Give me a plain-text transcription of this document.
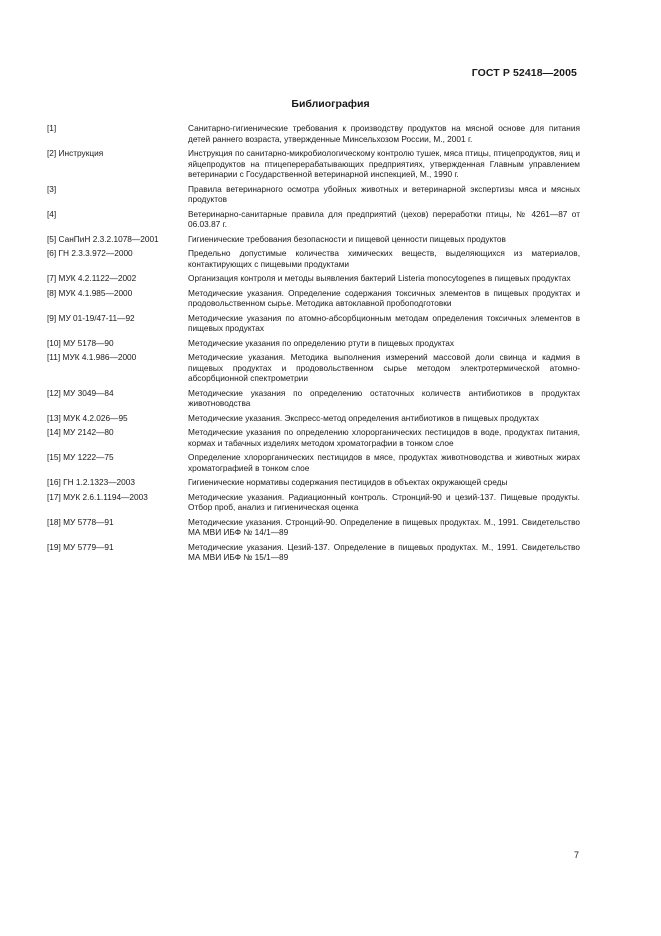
ГОСТ Р 52418—2005
Библиография
[1]	Санитарно-гигиенические требования к производству продуктов на мясной основе для питания детей раннего возраста, утвержденные Минсельхозом России, М., 2001 г.
[2] Инструкция	Инструкция по санитарно-микробиологическому контролю тушек, мяса птицы, птицепродуктов, яиц и яйцепродуктов на птицеперерабатывающих предприятиях, утвержденная Главным управлением ветеринарии с Государственной ветеринарной инспекцией, М., 1990 г.
[3]	Правила ветеринарного осмотра убойных животных и ветеринарной экспертизы мяса и мясных продуктов
[4]	Ветеринарно-санитарные правила для предприятий (цехов) переработки птицы, № 4261—87 от 06.03.87 г.
[5] СанПиН 2.3.2.1078—2001	Гигиенические требования безопасности и пищевой ценности пищевых продуктов
[6] ГН 2.3.3.972—2000	Предельно допустимые количества химических веществ, выделяющихся из материалов, контактирующих с пищевыми продуктами
[7] МУК 4.2.1122—2002	Организация контроля и методы выявления бактерий Listeria monocytogenes в пищевых продуктах
[8] МУК 4.1.985—2000	Методические указания. Определение содержания токсичных элементов в пищевых продуктах и продовольственном сырье. Методика автоклавной пробоподготовки
[9] МУ 01-19/47-11—92	Методические указания по атомно-абсорбционным методам определения токсичных элементов в пищевых продуктах
[10] МУ 5178—90	Методические указания по определению ртути в пищевых продуктах
[11] МУК 4.1.986—2000	Методические указания. Методика выполнения измерений массовой доли свинца и кадмия в пищевых продуктах и продовольственном сырье методом электротермической атомно-абсорбционной спектрометрии
[12] МУ 3049—84	Методические указания по определению остаточных количеств антибиотиков в продуктах животноводства
[13] МУК 4.2.026—95	Методические указания. Экспресс-метод определения антибиотиков в пищевых продуктах
[14] МУ 2142—80	Методические указания по определению хлорорганических пестицидов в воде, продуктах питания, кормах и табачных изделиях методом хроматографии в тонком слое
[15] МУ 1222—75	Определение хлорорганических пестицидов в мясе, продуктах животноводства и животных жирах хроматографией в тонком слое
[16] ГН 1.2.1323—2003	Гигиенические нормативы содержания пестицидов в объектах окружающей среды
[17] МУК 2.6.1.1194—2003	Методические указания. Радиационный контроль. Стронций-90 и цезий-137. Пищевые продукты. Отбор проб, анализ и гигиеническая оценка
[18] МУ 5778—91	Методические указания. Стронций-90. Определение в пищевых продуктах. М., 1991. Свидетельство МА МВИ ИБФ № 14/1—89
[19] МУ 5779—91	Методические указания. Цезий-137. Определение в пищевых продуктах. М., 1991. Свидетельство МА МВИ ИБФ № 15/1—89
7
